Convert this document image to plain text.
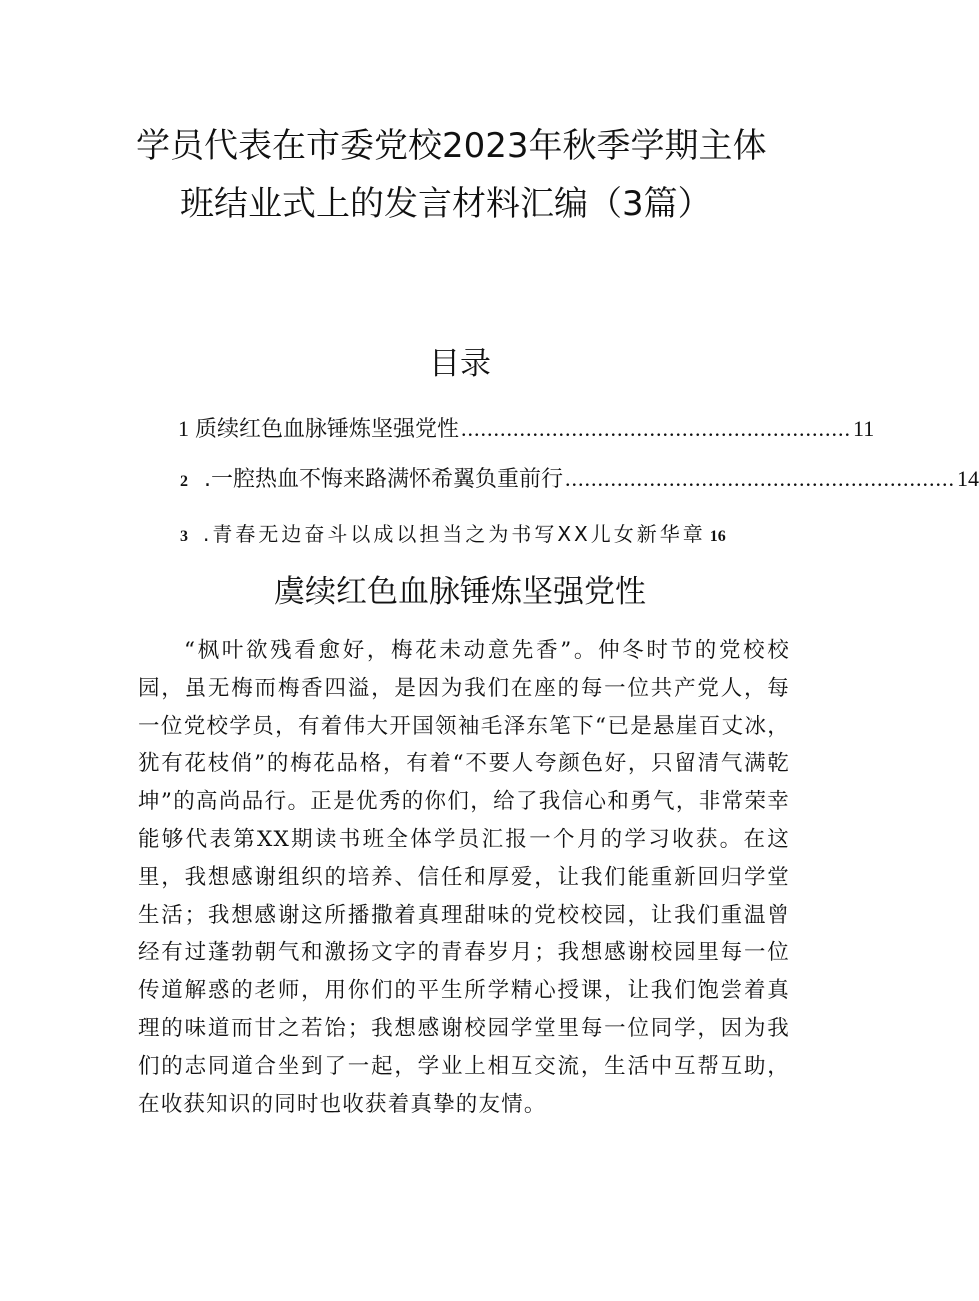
学员代表在市委党校2023年秋季学期主体
班结业式上的发言材料汇编（3篇）
目录
1 质续红色血脉锤炼坚强党性 ............................................................ 11
2 .一腔热血不悔来路满怀希翼负重前行 ............................................................ 14
3 .青春无边奋斗以成以担当之为书写XX儿女新华章 16
虞续红色血脉锤炼坚强党性

“枫叶欲残看愈好，梅花未动意先香”。仲冬时节的党校校园，虽无梅而梅香四溢，是因为我们在座的每一位共产党人，每一位党校学员，有着伟大开国领袖毛泽东笔下“已是悬崖百丈冰，犹有花枝俏”的梅花品格，有着“不要人夸颜色好，只留清气满乾坤”的高尚品行。正是优秀的你们，给了我信心和勇气，非常荣幸能够代表第XX期读书班全体学员汇报一个月的学习收获。在这里，我想感谢组织的培养、信任和厚爱，让我们能重新回归学堂生活；我想感谢这所播撒着真理甜味的党校校园，让我们重温曾经有过蓬勃朝气和激扬文字的青春岁月；我想感谢校园里每一位传道解惑的老师，用你们的平生所学精心授课，让我们饱尝着真理的味道而甘之若饴；我想感谢校园学堂里每一位同学，因为我们的志同道合坐到了一起，学业上相互交流，生活中互帮互助，在收获知识的同时也收获着真挚的友情。
